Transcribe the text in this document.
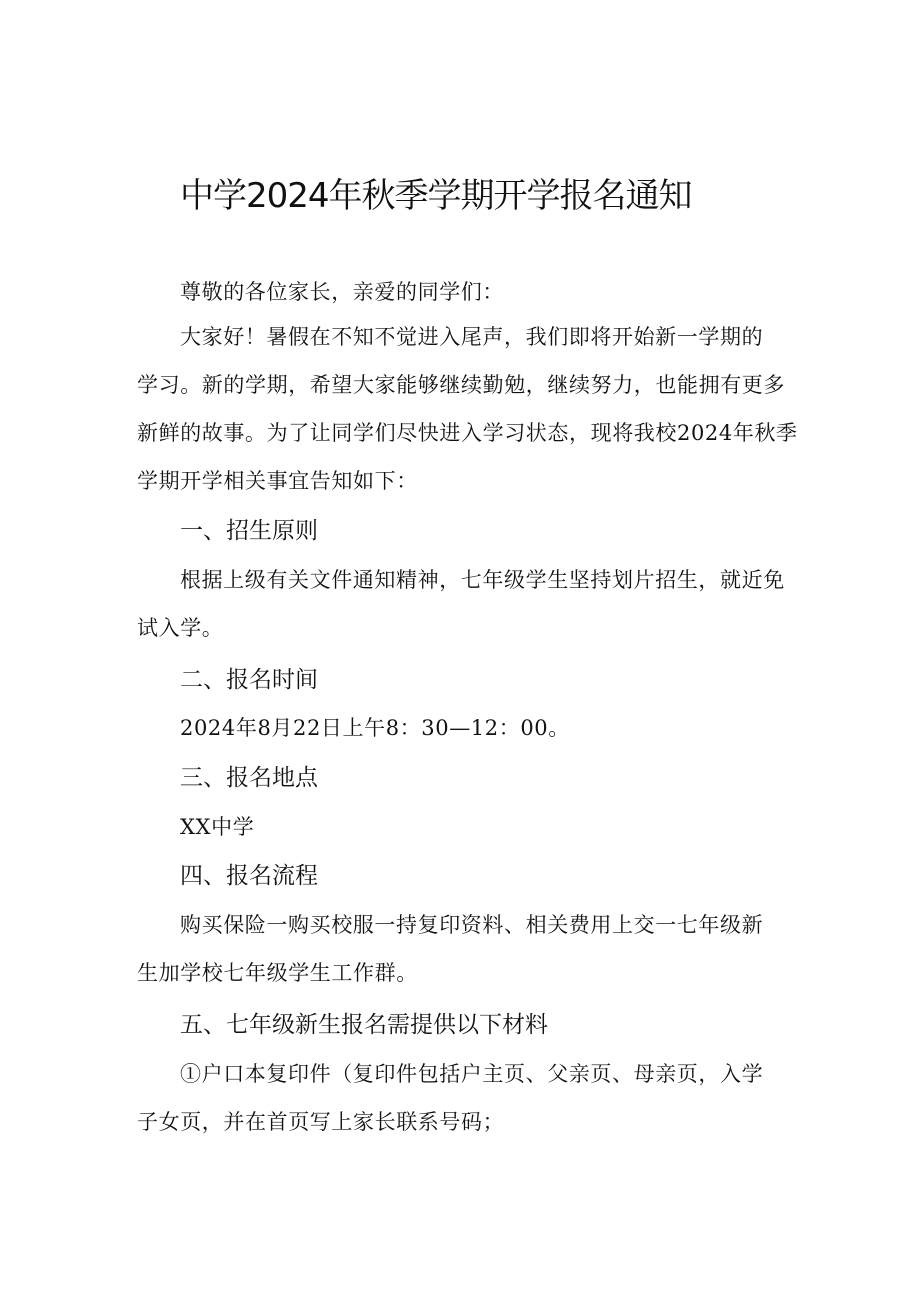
中学2024年秋季学期开学报名通知

尊敬的各位家长，亲爱的同学们：

大家好！暑假在不知不觉进入尾声，我们即将开始新一学期的
学习。新的学期，希望大家能够继续勤勉，继续努力，也能拥有更多
新鲜的故事。为了让同学们尽快进入学习状态，现将我校2024年秋季
学期开学相关事宜告知如下：
一、招生原则
根据上级有关文件通知精神，七年级学生坚持划片招生，就近免
试入学。
二、报名时间

2024年8月22日上午8：30—12：00。

三、报名地点

XX中学

四、报名流程
购买保险一购买校服一持复印资料、相关费用上交一七年级新
生加学校七年级学生工作群。
五、七年级新生报名需提供以下材料
①户口本复印件（复印件包括户主页、父亲页、母亲页，入学
子女页，并在首页写上家长联系号码；
